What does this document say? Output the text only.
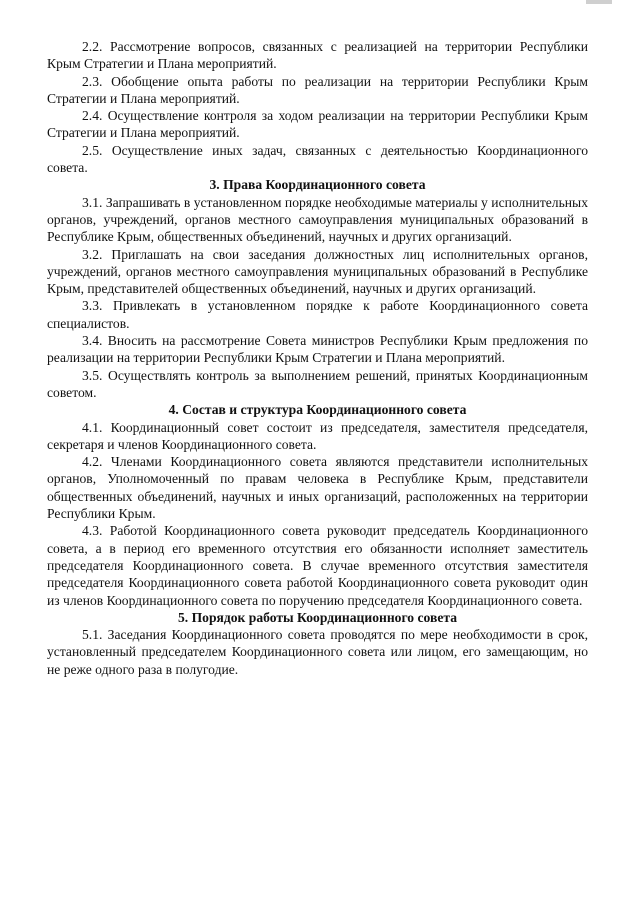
2.2. Рассмотрение вопросов, связанных с реализацией на территории Республики Крым Стратегии и Плана мероприятий.

2.3. Обобщение опыта работы по реализации на территории Республики Крым Стратегии и Плана мероприятий.

2.4. Осуществление контроля за ходом реализации на территории Республики Крым Стратегии и Плана мероприятий.

2.5. Осуществление иных задач, связанных с деятельностью Координационного совета.

3. Права Координационного совета

3.1. Запрашивать в установленном порядке необходимые материалы у исполнительных органов, учреждений, органов местного самоуправления муниципальных образований в Республике Крым, общественных объединений, научных и других организаций.

3.2. Приглашать на свои заседания должностных лиц исполнительных органов, учреждений, органов местного самоуправления муниципальных образований в Республике Крым, представителей общественных объединений, научных и других организаций.

3.3. Привлекать в установленном порядке к работе Координационного совета специалистов.

3.4. Вносить на рассмотрение Совета министров Республики Крым предложения по реализации на территории Республики Крым Стратегии и Плана мероприятий.

3.5. Осуществлять контроль за выполнением решений, принятых Координационным советом.

4. Состав и структура Координационного совета

4.1. Координационный совет состоит из председателя, заместителя председателя, секретаря и членов Координационного совета.

4.2. Членами Координационного совета являются представители исполнительных органов, Уполномоченный по правам человека в Республике Крым, представители общественных объединений, научных и иных организаций, расположенных на территории Республики Крым.

4.3. Работой Координационного совета руководит председатель Координационного совета, а в период его временного отсутствия его обязанности исполняет заместитель председателя Координационного совета. В случае временного отсутствия заместителя председателя Координационного совета работой Координационного совета руководит один из членов Координационного совета по поручению председателя Координационного совета.

5. Порядок работы Координационного совета

5.1. Заседания Координационного совета проводятся по мере необходимости в срок, установленный председателем Координационного совета или лицом, его замещающим, но не реже одного раза в полугодие.
